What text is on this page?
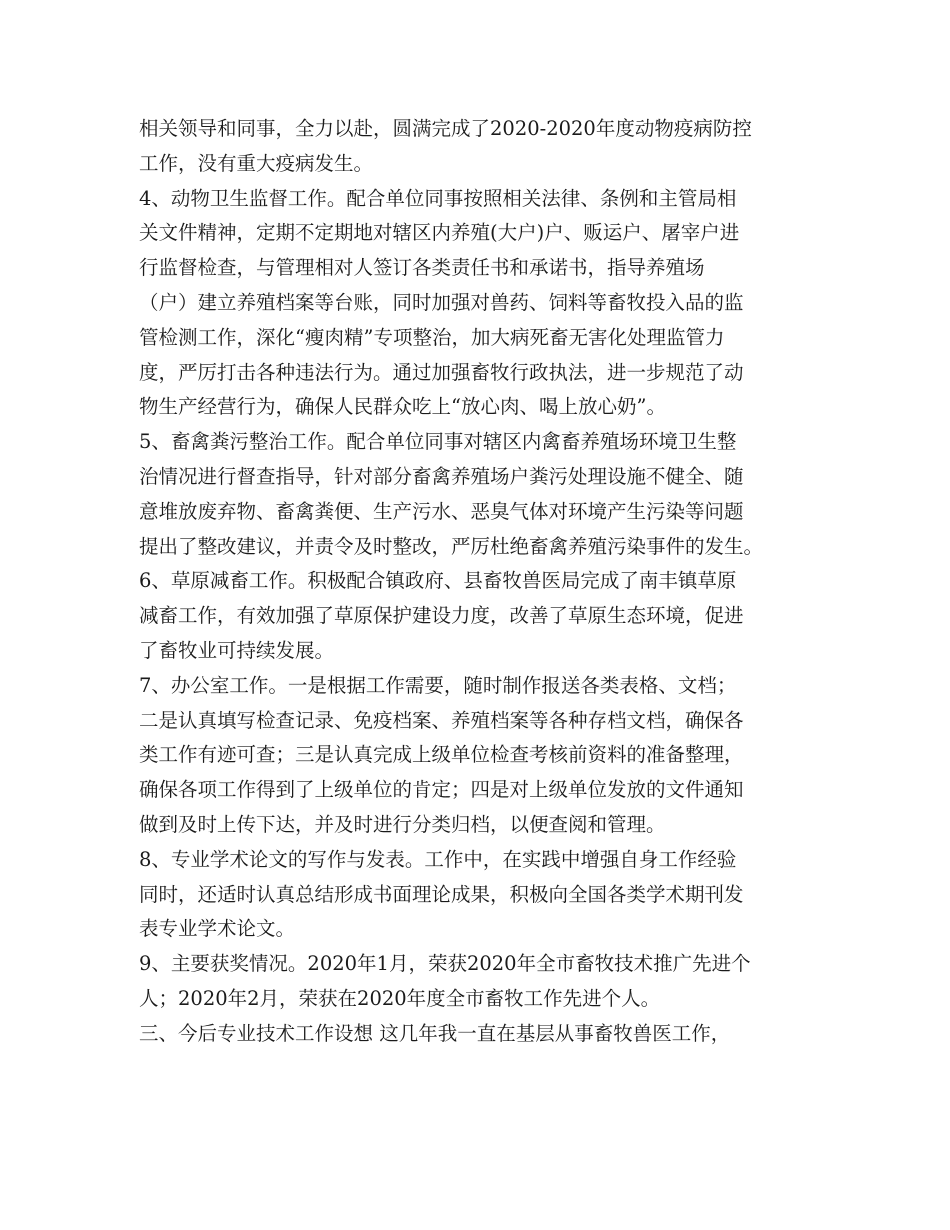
相关领导和同事，全力以赴，圆满完成了2020-2020年度动物疫病防控
工作，没有重大疫病发生。
4、动物卫生监督工作。配合单位同事按照相关法律、条例和主管局相
关文件精神，定期不定期地对辖区内养殖(大户)户、贩运户、屠宰户进
行监督检查，与管理相对人签订各类责任书和承诺书，指导养殖场
（户）建立养殖档案等台账，同时加强对兽药、饲料等畜牧投入品的监
管检测工作，深化“瘦肉精”专项整治，加大病死畜无害化处理监管力
度，严厉打击各种违法行为。通过加强畜牧行政执法，进一步规范了动
物生产经营行为，确保人民群众吃上“放心肉、喝上放心奶”。
5、畜禽粪污整治工作。配合单位同事对辖区内禽畜养殖场环境卫生整
治情况进行督查指导，针对部分畜禽养殖场户粪污处理设施不健全、随
意堆放废弃物、畜禽粪便、生产污水、恶臭气体对环境产生污染等问题
提出了整改建议，并责令及时整改，严厉杜绝畜禽养殖污染事件的发生。
6、草原减畜工作。积极配合镇政府、县畜牧兽医局完成了南丰镇草原
减畜工作，有效加强了草原保护建设力度，改善了草原生态环境，促进
了畜牧业可持续发展。
7、办公室工作。一是根据工作需要，随时制作报送各类表格、文档；
二是认真填写检查记录、免疫档案、养殖档案等各种存档文档，确保各
类工作有迹可查；三是认真完成上级单位检查考核前资料的准备整理，
确保各项工作得到了上级单位的肯定；四是对上级单位发放的文件通知
做到及时上传下达，并及时进行分类归档，以便查阅和管理。
8、专业学术论文的写作与发表。工作中，在实践中增强自身工作经验
同时，还适时认真总结形成书面理论成果，积极向全国各类学术期刊发
表专业学术论文。
9、主要获奖情况。2020年1月，荣获2020年全市畜牧技术推广先进个
人；2020年2月，荣获在2020年度全市畜牧工作先进个人。
三、今后专业技术工作设想 这几年我一直在基层从事畜牧兽医工作，
